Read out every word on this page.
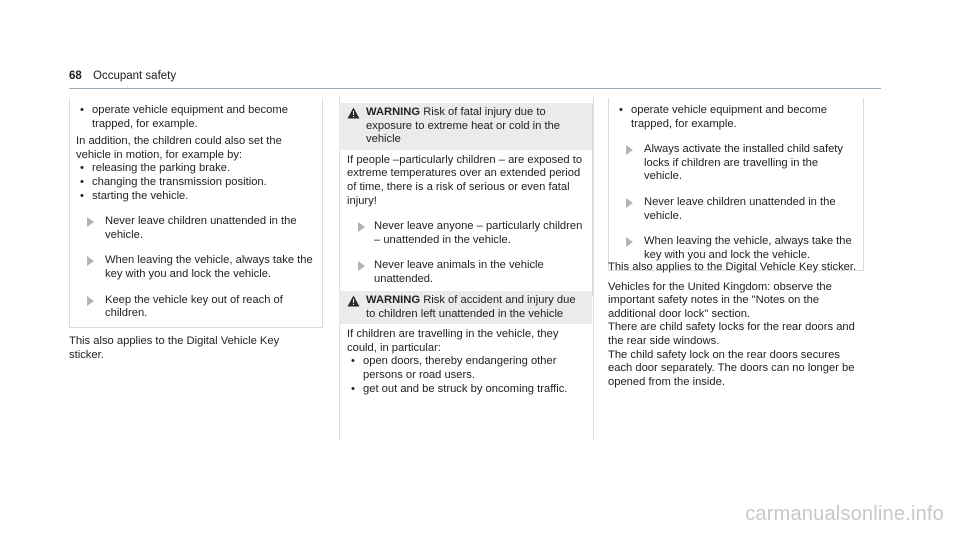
68 Occupant safety
• operate vehicle equipment and become trapped, for example.
In addition, the children could also set the vehicle in motion, for example by:
• releasing the parking brake.
• changing the transmission position.
• starting the vehicle.
Never leave children unattended in the vehicle.
When leaving the vehicle, always take the key with you and lock the vehicle.
Keep the vehicle key out of reach of children.
This also applies to the Digital Vehicle Key sticker.
WARNING Risk of fatal injury due to exposure to extreme heat or cold in the vehicle
If people –particularly children – are exposed to extreme temperatures over an extended period of time, there is a risk of serious or even fatal injury!
Never leave anyone – particularly children – unattended in the vehicle.
Never leave animals in the vehicle unattended.
WARNING Risk of accident and injury due to children left unattended in the vehicle
If children are travelling in the vehicle, they could, in particular:
• open doors, thereby endangering other persons or road users.
• get out and be struck by oncoming traffic.
• operate vehicle equipment and become trapped, for example.
Always activate the installed child safety locks if children are travelling in the vehicle.
Never leave children unattended in the vehicle.
When leaving the vehicle, always take the key with you and lock the vehicle.
This also applies to the Digital Vehicle Key sticker.
Vehicles for the United Kingdom: observe the important safety notes in the "Notes on the additional door lock" section.
There are child safety locks for the rear doors and the rear side windows.
The child safety lock on the rear doors secures each door separately. The doors can no longer be opened from the inside.
carmanualsonline.info
